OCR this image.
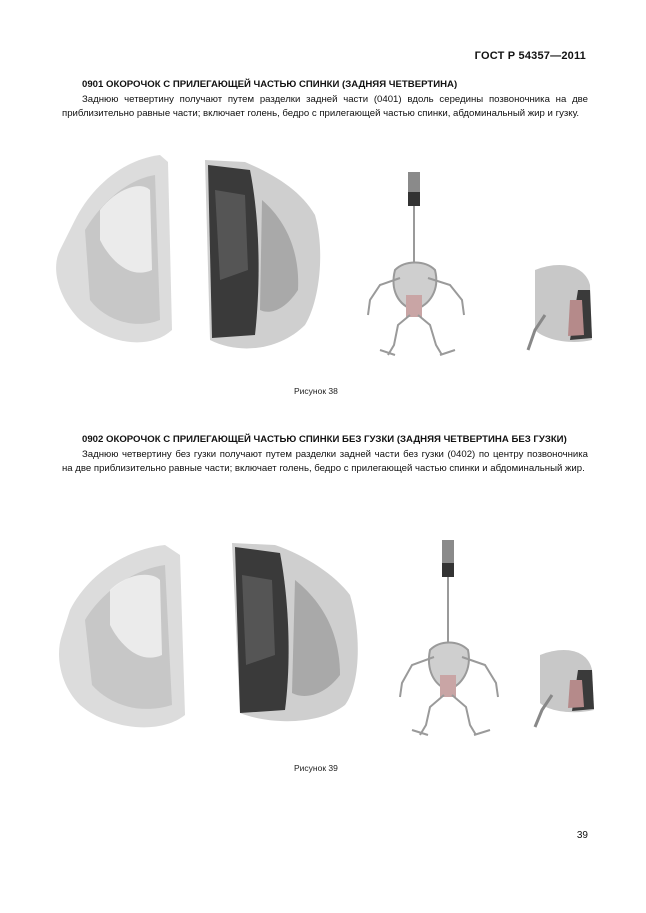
ГОСТ Р 54357—2011

0901 ОКОРОЧОК С ПРИЛЕГАЮЩЕЙ ЧАСТЬЮ СПИНКИ (ЗАДНЯЯ ЧЕТВЕРТИНА)

Заднюю четвертину получают путем разделки задней части (0401) вдоль середины позвоночника на две приблизительно равные части; включает голень, бедро с прилегающей частью спинки, абдоминальный жир и гузку.

Рисунок 38

0902 ОКОРОЧОК С ПРИЛЕГАЮЩЕЙ ЧАСТЬЮ СПИНКИ БЕЗ ГУЗКИ (ЗАДНЯЯ ЧЕТВЕРТИНА БЕЗ ГУЗКИ)

Заднюю четвертину без гузки получают путем разделки задней части без гузки (0402) по центру позвоночника на две приблизительно равные части; включает голень, бедро с прилегающей частью спинки и абдоминальный жир.

Рисунок 39
39
